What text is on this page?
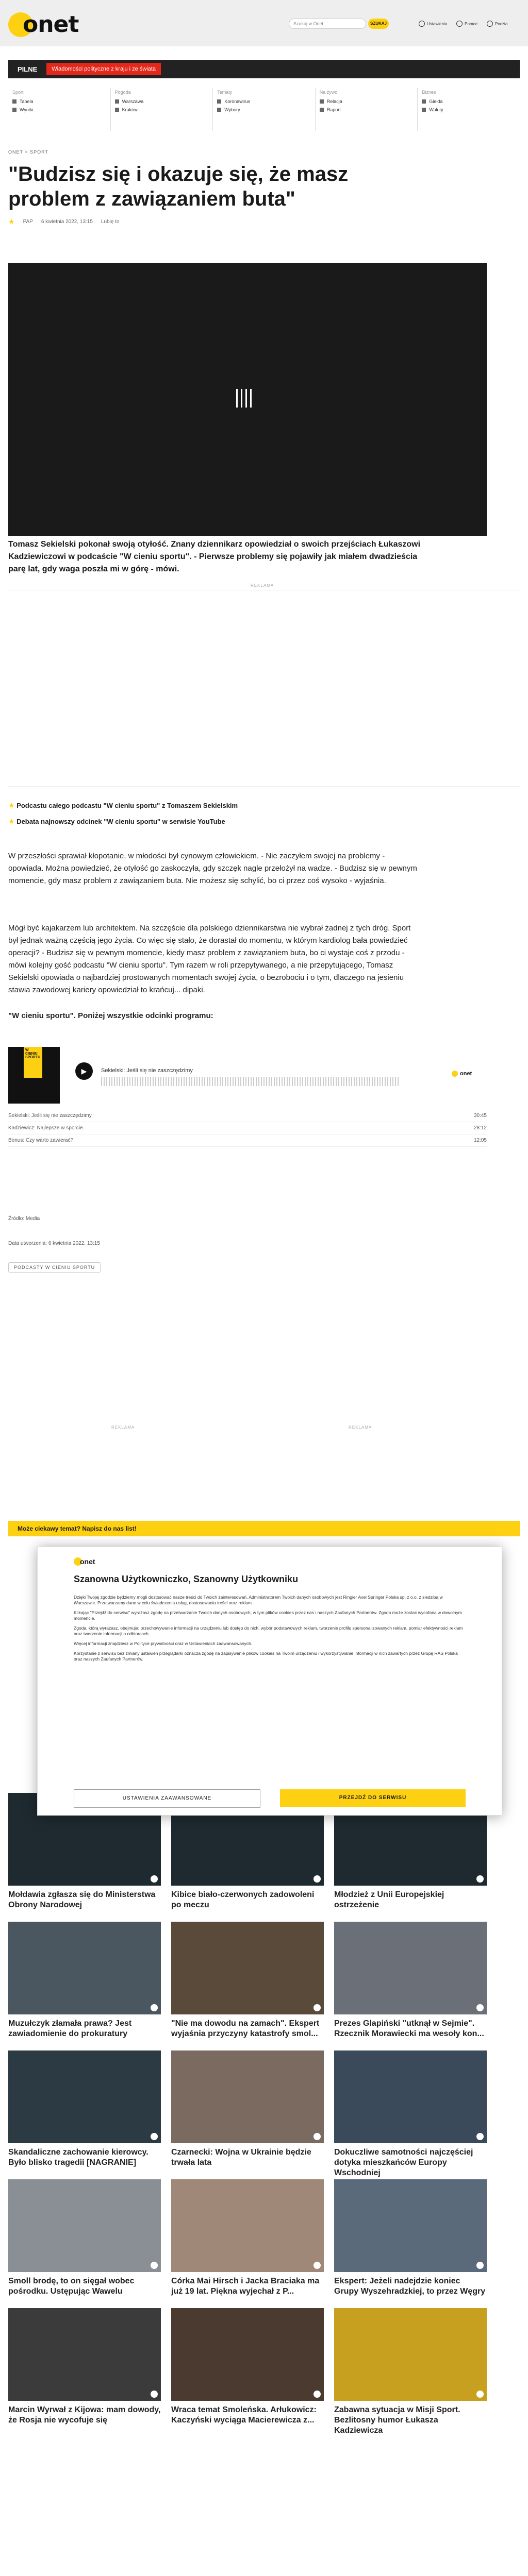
onet	Szukaj w Onet	SZUKAJ	Ustawienia	Pomoc	Poczta
PILNE	Wiadomości polityczne z kraju i ze świata
Sport
Tabela
Wyniki
Pogoda
Warszawa
Kraków
Tematy
Koronawirus
Wybory
Na żywo
Relacja
Raport
Biznes
Giełda
Waluty
ONET > SPORT
"Budzisz się i okazuje się, że masz problem z zawiązaniem buta"
★ PAP 6 kwietnia 2022, 13:15 Lubię to
Tomasz Sekielski pokonał swoją otyłość. Znany dziennikarz opowiedział o swoich przejściach Łukaszowi Kadziewiczowi w podcaście "W cieniu sportu". - Pierwsze problemy się pojawiły jak miałem dwadzieścia parę lat, gdy waga poszła mi w górę - mówi.
REKLAMA
★ Podcastu całego podcastu "W cieniu sportu" z Tomaszem Sekielskim
★ Debata najnowszy odcinek "W cieniu sportu" w serwisie YouTube
W przeszłości sprawiał kłopotanie, w młodości był cynowym człowiekiem. - Nie zaczyłem swojej na problemy - opowiada. Można powiedzieć, że otyłość go zaskoczyła, gdy szczęk nagle przełożył na wadze. - Budzisz się w pewnym momencie, gdy masz problem z zawiązaniem buta. Nie możesz się schylić, bo ci przez coś wysoko - wyjaśnia.
Mógł być kajakarzem lub architektem. Na szczęście dla polskiego dziennikarstwa nie wybrał żadnej z tych dróg. Sport był jednak ważną częścią jego życia. Co więc się stało, że dorastał do momentu, w którym kardiolog bała powiedzieć operacji? - Budzisz się w pewnym momencie, kiedy masz problem z zawiązaniem buta, bo ci wystaje coś z przodu - mówi kolejny gość podcastu "W cieniu sportu". Tym razem w roli przepytywanego, a nie przepytującego, Tomasz Sekielski opowiada o najbardziej prostowanych momentach swojej życia, o bezrobociu i o tym, dlaczego na jesieniu stawia zawodowej kariery opowiedział to krańcuj... dipaki.
"W cieniu sportu". Poniżej wszystkie odcinki programu:
W CIENIU SPORTU
▶	Sekielski: Jeśli się nie zaszczędzimy	onet
Sekielski: Jeśli się nie zaszczędzimy	30:45
Kadziewicz: Najlepsze w sporcie	28:12
Bonus: Czy warto zawierać?	12:05
Źródło: Media
Data utworzenia: 6 kwietnia 2022, 13:15
PODCASTY W CIENIU SPORTU
REKLAMA	REKLAMA
Może ciekawy temat? Napisz do nas list!
Mołdawia zgłasza się do Ministerstwa Obrony Narodowej
Kibice biało-czerwonych zadowoleni po meczu
Młodzież z Unii Europejskiej ostrzeżenie
Muzułczyk złamała prawa? Jest zawiadomienie do prokuratury
"Nie ma dowodu na zamach". Ekspert wyjaśnia przyczyny katastrofy smol...
Prezes Glapiński "utknął w Sejmie". Rzecznik Morawiecki ma wesoły kon...
Skandaliczne zachowanie kierowcy. Było blisko tragedii [NAGRANIE]
Czarnecki: Wojna w Ukrainie będzie trwała lata
Dokuczliwe samotności najczęściej dotyka mieszkańców Europy Wschodniej
Smoll brodę, to on sięgał wobec pośrodku. Ustępując Wawelu
Córka Mai Hirsch i Jacka Braciaka ma już 19 lat. Piękna wyjechał z P...
Ekspert: Jeżeli nadejdzie koniec Grupy Wyszehradzkiej, to przez Węgry
Marcin Wyrwał z Kijowa: mam dowody, że Rosja nie wycofuje się
Wraca temat Smoleńska. Arłukowicz: Kaczyński wyciąga Macierewicza z...
Zabawna sytuacja w Misji Sport. Bezlitosny humor Łukasza Kadziewicza
onet
Szanowna Użytkowniczko, Szanowny Użytkowniku

Dzięki Twojej zgodzie będziemy mogli dostosować nasze treści do Twoich zainteresowań. Administratorem Twoich danych osobowych jest Ringier Axel Springer Polska sp. z o.o. z siedzibą w Warszawie. Przetwarzamy dane w celu świadczenia usług, dostosowania treści oraz reklam.

Klikając "Przejdź do serwisu" wyrażasz zgodę na przetwarzanie Twoich danych osobowych, w tym plików cookies przez nas i naszych Zaufanych Partnerów. Zgoda może zostać wycofana w dowolnym momencie.

Zgoda, którą wyrażasz, obejmuje: przechowywanie informacji na urządzeniu lub dostęp do nich, wybór podstawowych reklam, tworzenie profilu spersonalizowanych reklam, pomiar efektywności reklam oraz tworzenie informacji o odbiorcach.

Więcej informacji znajdziesz w Polityce prywatności oraz w Ustawieniach zaawansowanych.

Korzystanie z serwisu bez zmiany ustawień przeglądarki oznacza zgodę na zapisywanie plików cookies na Twoim urządzeniu i wykorzystywanie informacji w nich zawartych przez Grupę RAS Polska oraz naszych Zaufanych Partnerów.

USTAWIENIA ZAAWANSOWANE	PRZEJDŹ DO SERWISU
